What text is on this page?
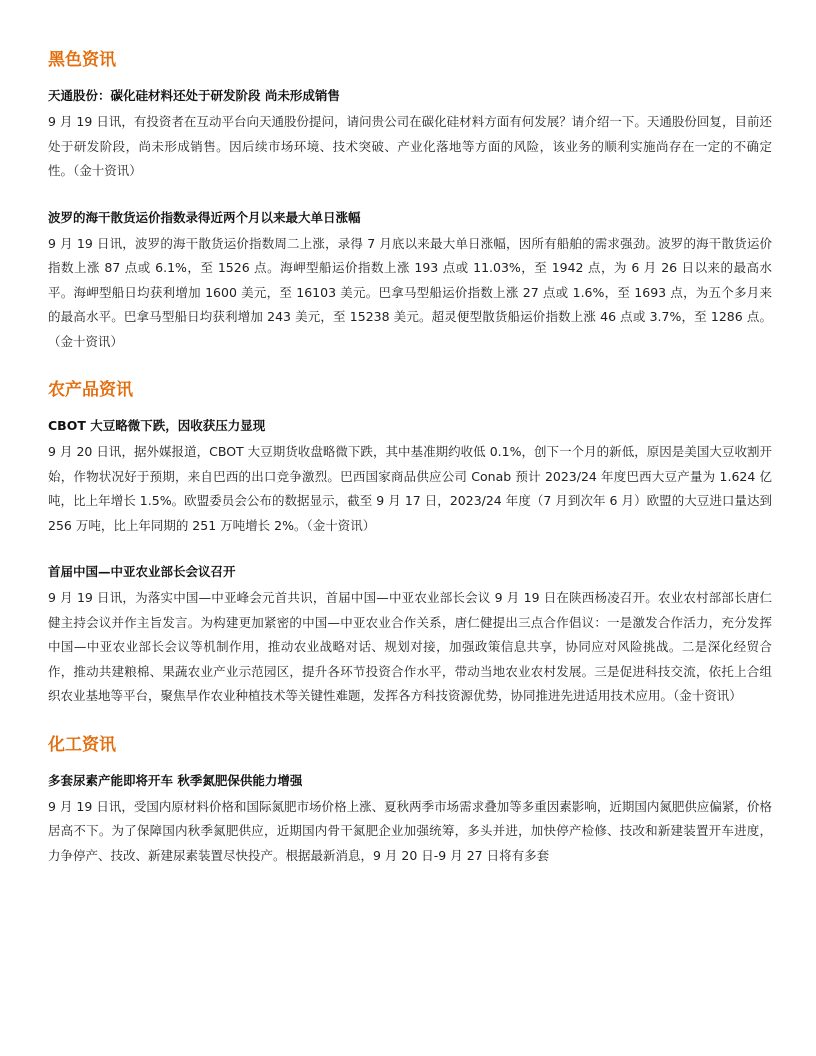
黑色资讯
天通股份：碳化硅材料还处于研发阶段 尚未形成销售

9 月 19 日讯，有投资者在互动平台向天通股份提问，请问贵公司在碳化硅材料方面有何发展？请介绍一下。天通股份回复，目前还处于研发阶段，尚未形成销售。因后续市场环境、技术突破、产业化落地等方面的风险，该业务的顺利实施尚存在一定的不确定性。（金十资讯）

波罗的海干散货运价指数录得近两个月以来最大单日涨幅

9 月 19 日讯，波罗的海干散货运价指数周二上涨，录得 7 月底以来最大单日涨幅，因所有船舶的需求强劲。波罗的海干散货运价指数上涨 87 点或 6.1%，至 1526 点。海岬型船运价指数上涨 193 点或 11.03%，至 1942 点，为 6 月 26 日以来的最高水平。海岬型船日均获利增加 1600 美元，至 16103 美元。巴拿马型船运价指数上涨 27 点或 1.6%，至 1693 点，为五个多月来的最高水平。巴拿马型船日均获利增加 243 美元，至 15238 美元。超灵便型散货船运价指数上涨 46 点或 3.7%，至 1286 点。（金十资讯）

农产品资讯
CBOT 大豆略微下跌，因收获压力显现

9 月 20 日讯，据外媒报道，CBOT 大豆期货收盘略微下跌，其中基准期约收低 0.1%，创下一个月的新低，原因是美国大豆收割开始，作物状况好于预期，来自巴西的出口竞争激烈。巴西国家商品供应公司 Conab 预计 2023/24 年度巴西大豆产量为 1.624 亿吨，比上年增长 1.5%。欧盟委员会公布的数据显示，截至 9 月 17 日，2023/24 年度（7 月到次年 6 月）欧盟的大豆进口量达到 256 万吨，比上年同期的 251 万吨增长 2%。（金十资讯）

首届中国—中亚农业部长会议召开

9 月 19 日讯，为落实中国—中亚峰会元首共识，首届中国—中亚农业部长会议 9 月 19 日在陕西杨凌召开。农业农村部部长唐仁健主持会议并作主旨发言。为构建更加紧密的中国—中亚农业合作关系，唐仁健提出三点合作倡议：一是激发合作活力，充分发挥中国—中亚农业部长会议等机制作用，推动农业战略对话、规划对接，加强政策信息共享，协同应对风险挑战。二是深化经贸合作，推动共建粮棉、果蔬农业产业示范园区，提升各环节投资合作水平，带动当地农业农村发展。三是促进科技交流，依托上合组织农业基地等平台，聚焦旱作农业种植技术等关键性难题，发挥各方科技资源优势，协同推进先进适用技术应用。（金十资讯）

化工资讯
多套尿素产能即将开车 秋季氮肥保供能力增强

9 月 19 日讯，受国内原材料价格和国际氮肥市场价格上涨、夏秋两季市场需求叠加等多重因素影响，近期国内氮肥供应偏紧，价格居高不下。为了保障国内秋季氮肥供应，近期国内骨干氮肥企业加强统筹，多头并进，加快停产检修、技改和新建装置开车进度，力争停产、技改、新建尿素装置尽快投产。根据最新消息，9 月 20 日-9 月 27 日将有多套
